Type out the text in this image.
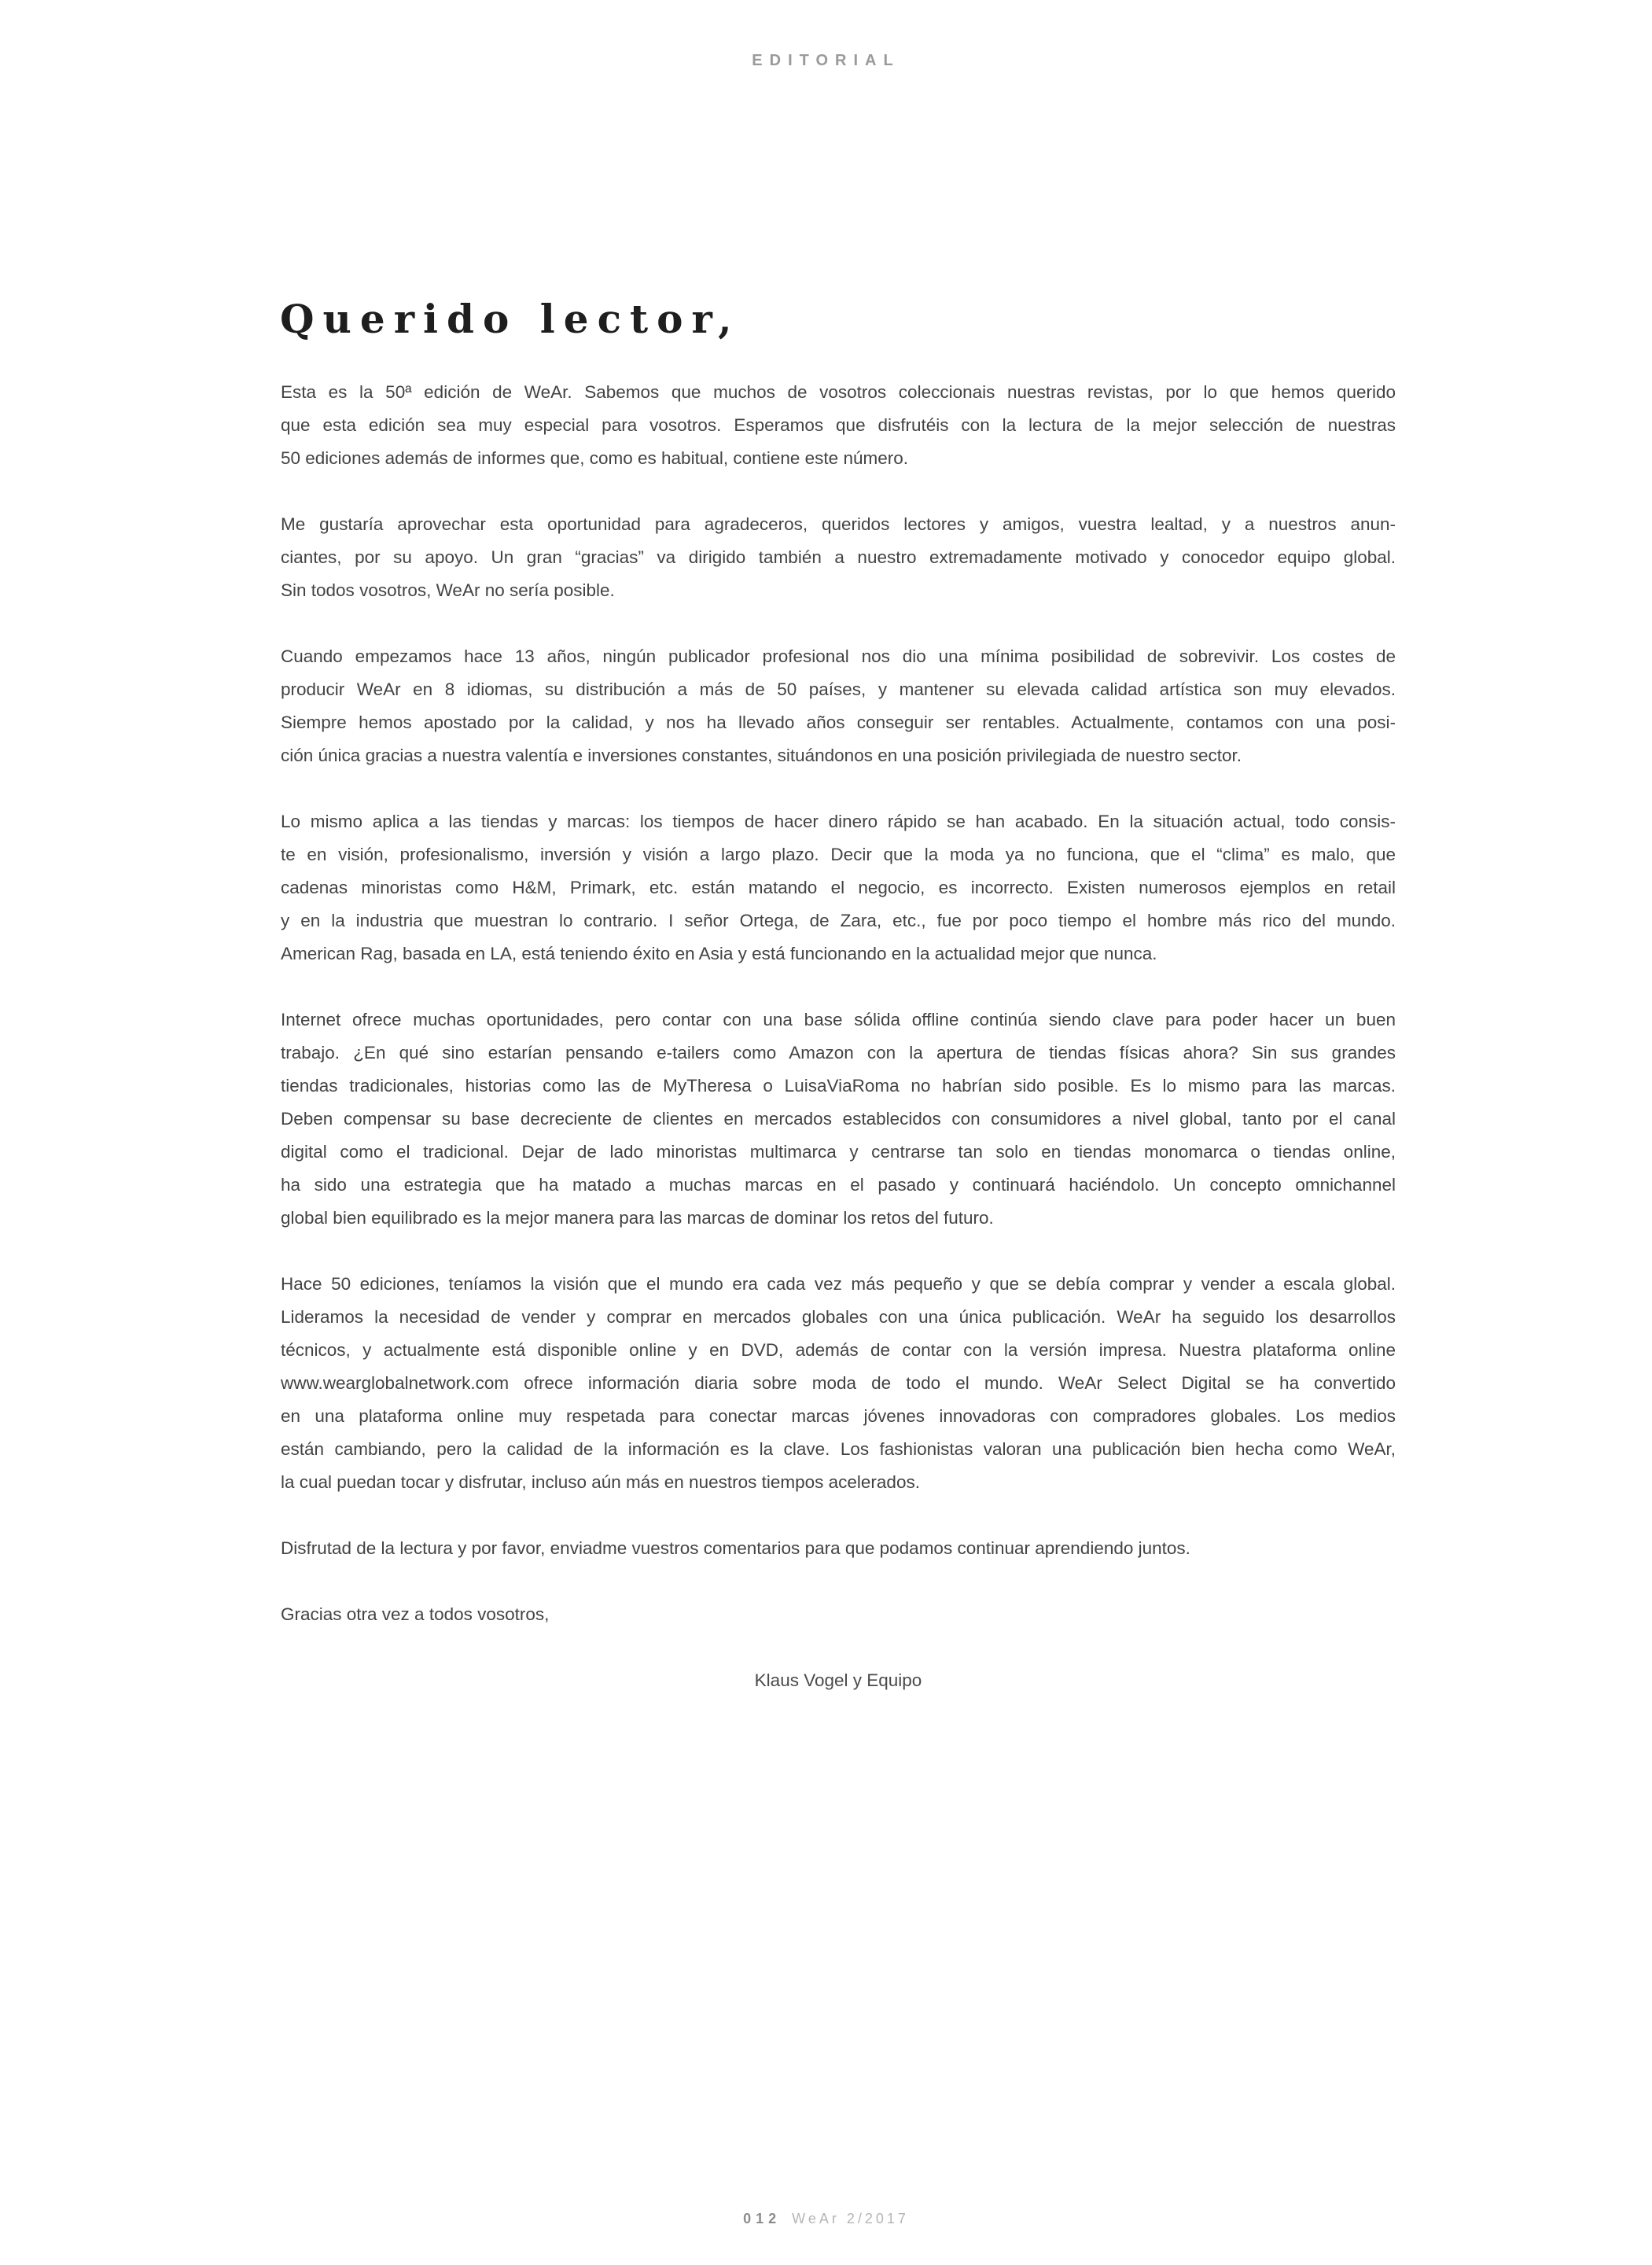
EDITORIAL
Querido lector,
Esta es la 50ª edición de WeAr. Sabemos que muchos de vosotros coleccionais nuestras revistas, por lo que hemos querido
que esta edición sea muy especial para vosotros. Esperamos que disfrutéis con la lectura de la mejor selección de nuestras
50 ediciones además de informes que, como es habitual, contiene este número.
Me gustaría aprovechar esta oportunidad para agradeceros, queridos lectores y amigos, vuestra lealtad, y a nuestros anun-
ciantes, por su apoyo. Un gran “gracias” va dirigido también a nuestro extremadamente motivado y conocedor equipo global.
Sin todos vosotros, WeAr no sería posible.
Cuando empezamos hace 13 años, ningún publicador profesional nos dio una mínima posibilidad de sobrevivir. Los costes de
producir WeAr en 8 idiomas, su distribución a más de 50 países, y mantener su elevada calidad artística son muy elevados.
Siempre hemos apostado por la calidad, y nos ha llevado años conseguir ser rentables. Actualmente, contamos con una posi-
ción única gracias a nuestra valentía e inversiones constantes, situándonos en una posición privilegiada de nuestro sector.
Lo mismo aplica a las tiendas y marcas: los tiempos de hacer dinero rápido se han acabado. En la situación actual, todo consis-
te en visión, profesionalismo, inversión y visión a largo plazo. Decir que la moda ya no funciona, que el “clima” es malo, que
cadenas minoristas como H&M, Primark, etc. están matando el negocio, es incorrecto. Existen numerosos ejemplos en retail
y en la industria que muestran lo contrario. I señor Ortega, de Zara, etc., fue por poco tiempo el hombre más rico del mundo.
American Rag, basada en LA, está teniendo éxito en Asia y está funcionando en la actualidad mejor que nunca.
Internet ofrece muchas oportunidades, pero contar con una base sólida offline continúa siendo clave para poder hacer un buen
trabajo. ¿En qué sino estarían pensando e-tailers como Amazon con la apertura de tiendas físicas ahora? Sin sus grandes
tiendas tradicionales, historias como las de MyTheresa o LuisaViaRoma no habrían sido posible. Es lo mismo para las marcas.
Deben compensar su base decreciente de clientes en mercados establecidos con consumidores a nivel global, tanto por el canal
digital como el tradicional. Dejar de lado minoristas multimarca y centrarse tan solo en tiendas monomarca o tiendas online,
ha sido una estrategia que ha matado a muchas marcas en el pasado y continuará haciéndolo. Un concepto omnichannel
global bien equilibrado es la mejor manera para las marcas de dominar los retos del futuro.
Hace 50 ediciones, teníamos la visión que el mundo era cada vez más pequeño y que se debía comprar y vender a escala global.
Lideramos la necesidad de vender y comprar en mercados globales con una única publicación. WeAr ha seguido los desarrollos
técnicos, y actualmente está disponible online y en DVD, además de contar con la versión impresa. Nuestra plataforma online
www.wearglobalnetwork.com ofrece información diaria sobre moda de todo el mundo. WeAr Select Digital se ha convertido
en una plataforma online muy respetada para conectar marcas jóvenes innovadoras con compradores globales. Los medios
están cambiando, pero la calidad de la información es la clave. Los fashionistas valoran una publicación bien hecha como WeAr,
la cual puedan tocar y disfrutar, incluso aún más en nuestros tiempos acelerados.
Disfrutad de la lectura y por favor, enviadme vuestros comentarios para que podamos continuar aprendiendo juntos.
Gracias otra vez a todos vosotros,
Klaus Vogel y Equipo
012 WeAr 2/2017
